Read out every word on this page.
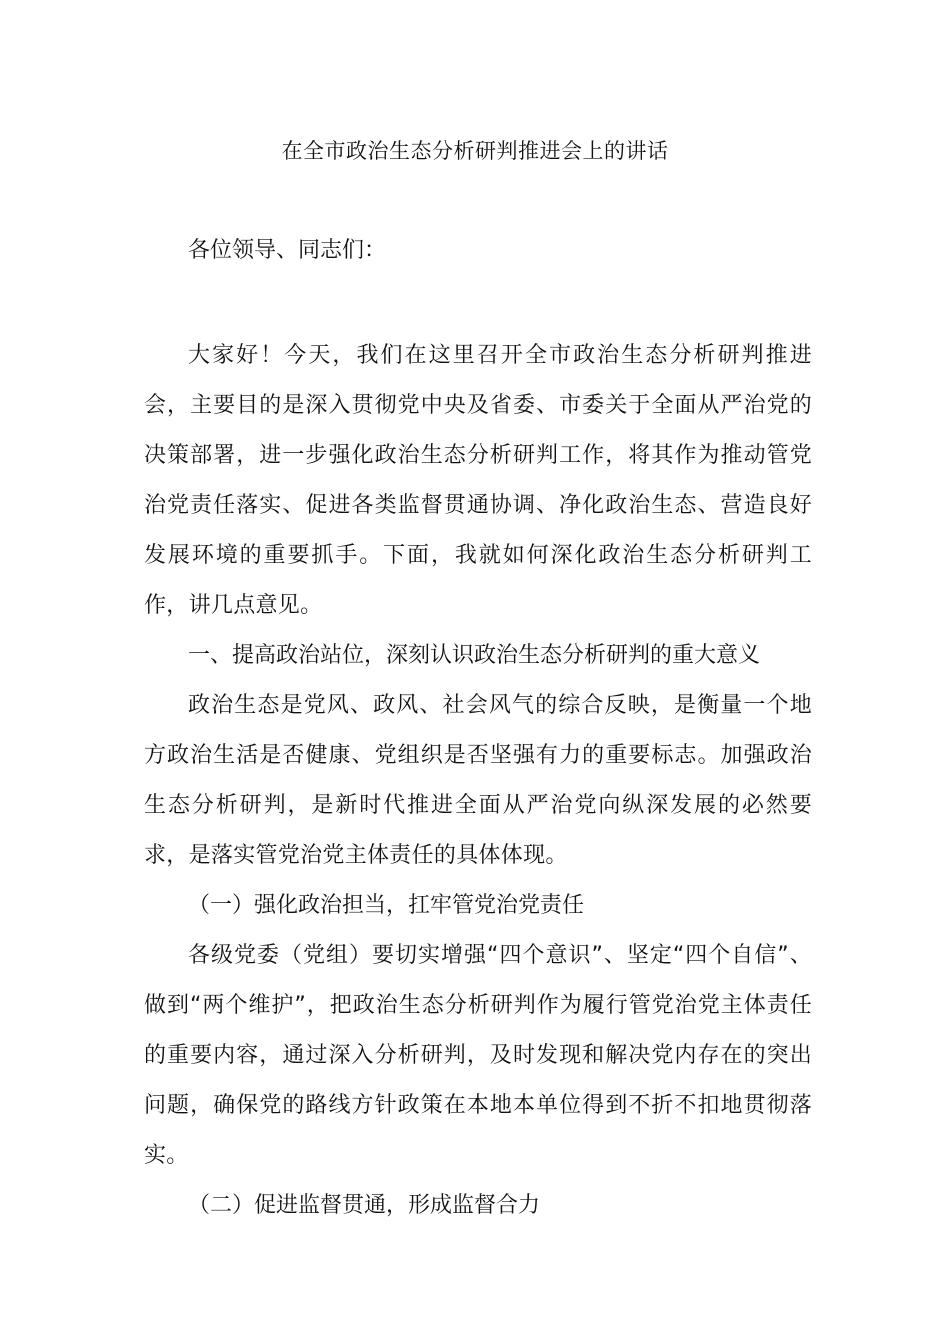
在全市政治生态分析研判推进会上的讲话
各位领导、同志们：

大家好！今天，我们在这里召开全市政治生态分析研判推进会，主要目的是深入贯彻党中央及省委、市委关于全面从严治党的决策部署，进一步强化政治生态分析研判工作，将其作为推动管党治党责任落实、促进各类监督贯通协调、净化政治生态、营造良好发展环境的重要抓手。下面，我就如何深化政治生态分析研判工作，讲几点意见。

一、提高政治站位，深刻认识政治生态分析研判的重大意义

政治生态是党风、政风、社会风气的综合反映，是衡量一个地方政治生活是否健康、党组织是否坚强有力的重要标志。加强政治生态分析研判，是新时代推进全面从严治党向纵深发展的必然要求，是落实管党治党主体责任的具体体现。

（一）强化政治担当，扛牢管党治党责任

各级党委（党组）要切实增强“四个意识”、坚定“四个自信”、做到“两个维护”，把政治生态分析研判作为履行管党治党主体责任的重要内容，通过深入分析研判，及时发现和解决党内存在的突出问题，确保党的路线方针政策在本地本单位得到不折不扣地贯彻落实。

（二）促进监督贯通，形成监督合力
